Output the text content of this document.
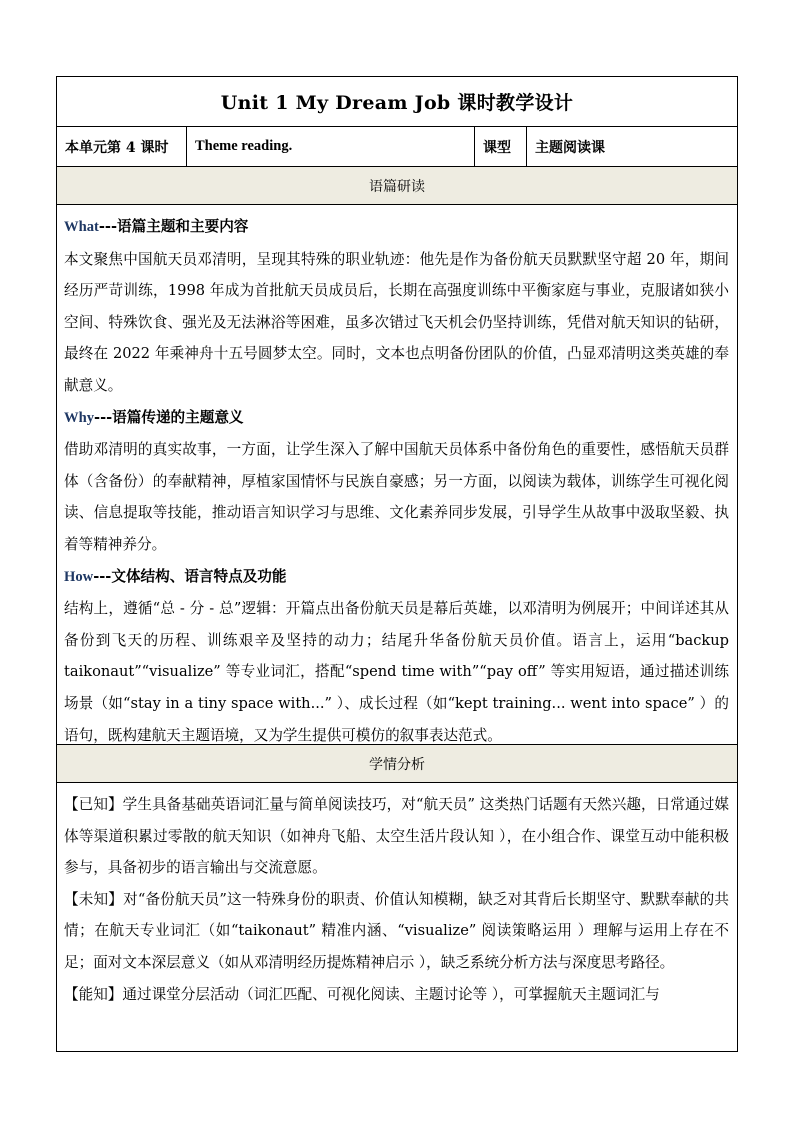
Unit 1 My Dream Job 课时教学设计
本单元第 4 课时	Theme reading.	课型	主题阅读课
语篇研读

What---语篇主题和主要内容

本文聚焦中国航天员邓清明，呈现其特殊的职业轨迹：他先是作为备份航天员默默坚守超 20 年，期间经历严苛训练，1998 年成为首批航天员成员后，长期在高强度训练中平衡家庭与事业，克服诸如狭小空间、特殊饮食、强光及无法淋浴等困难，虽多次错过飞天机会仍坚持训练，凭借对航天知识的钻研，最终在 2022 年乘神舟十五号圆梦太空。同时，文本也点明备份团队的价值，凸显邓清明这类英雄的奉献意义。

Why---语篇传递的主题意义

借助邓清明的真实故事，一方面，让学生深入了解中国航天员体系中备份角色的重要性，感悟航天员群体（含备份）的奉献精神，厚植家国情怀与民族自豪感；另一方面，以阅读为载体，训练学生可视化阅读、信息提取等技能，推动语言知识学习与思维、文化素养同步发展，引导学生从故事中汲取坚毅、执着等精神养分。

How---文体结构、语言特点及功能

结构上，遵循“总 - 分 - 总”逻辑：开篇点出备份航天员是幕后英雄，以邓清明为例展开；中间详述其从备份到飞天的历程、训练艰辛及坚持的动力；结尾升华备份航天员价值。语言上，运用“backup taikonaut”“visualize” 等专业词汇，搭配“spend time with”“pay off” 等实用短语，通过描述训练场景（如“stay in a tiny space with...” ）、成长过程（如“kept training... went into space” ）的语句，既构建航天主题语境，又为学生提供可模仿的叙事表达范式。

学情分析

【已知】学生具备基础英语词汇量与简单阅读技巧，对“航天员” 这类热门话题有天然兴趣，日常通过媒体等渠道积累过零散的航天知识（如神舟飞船、太空生活片段认知 ），在小组合作、课堂互动中能积极参与，具备初步的语言输出与交流意愿。

【未知】对“备份航天员”这一特殊身份的职责、价值认知模糊，缺乏对其背后长期坚守、默默奉献的共情；在航天专业词汇（如“taikonaut” 精准内涵、“visualize” 阅读策略运用 ）理解与运用上存在不足；面对文本深层意义（如从邓清明经历提炼精神启示 ），缺乏系统分析方法与深度思考路径。

【能知】通过课堂分层活动（词汇匹配、可视化阅读、主题讨论等 ），可掌握航天主题词汇与
